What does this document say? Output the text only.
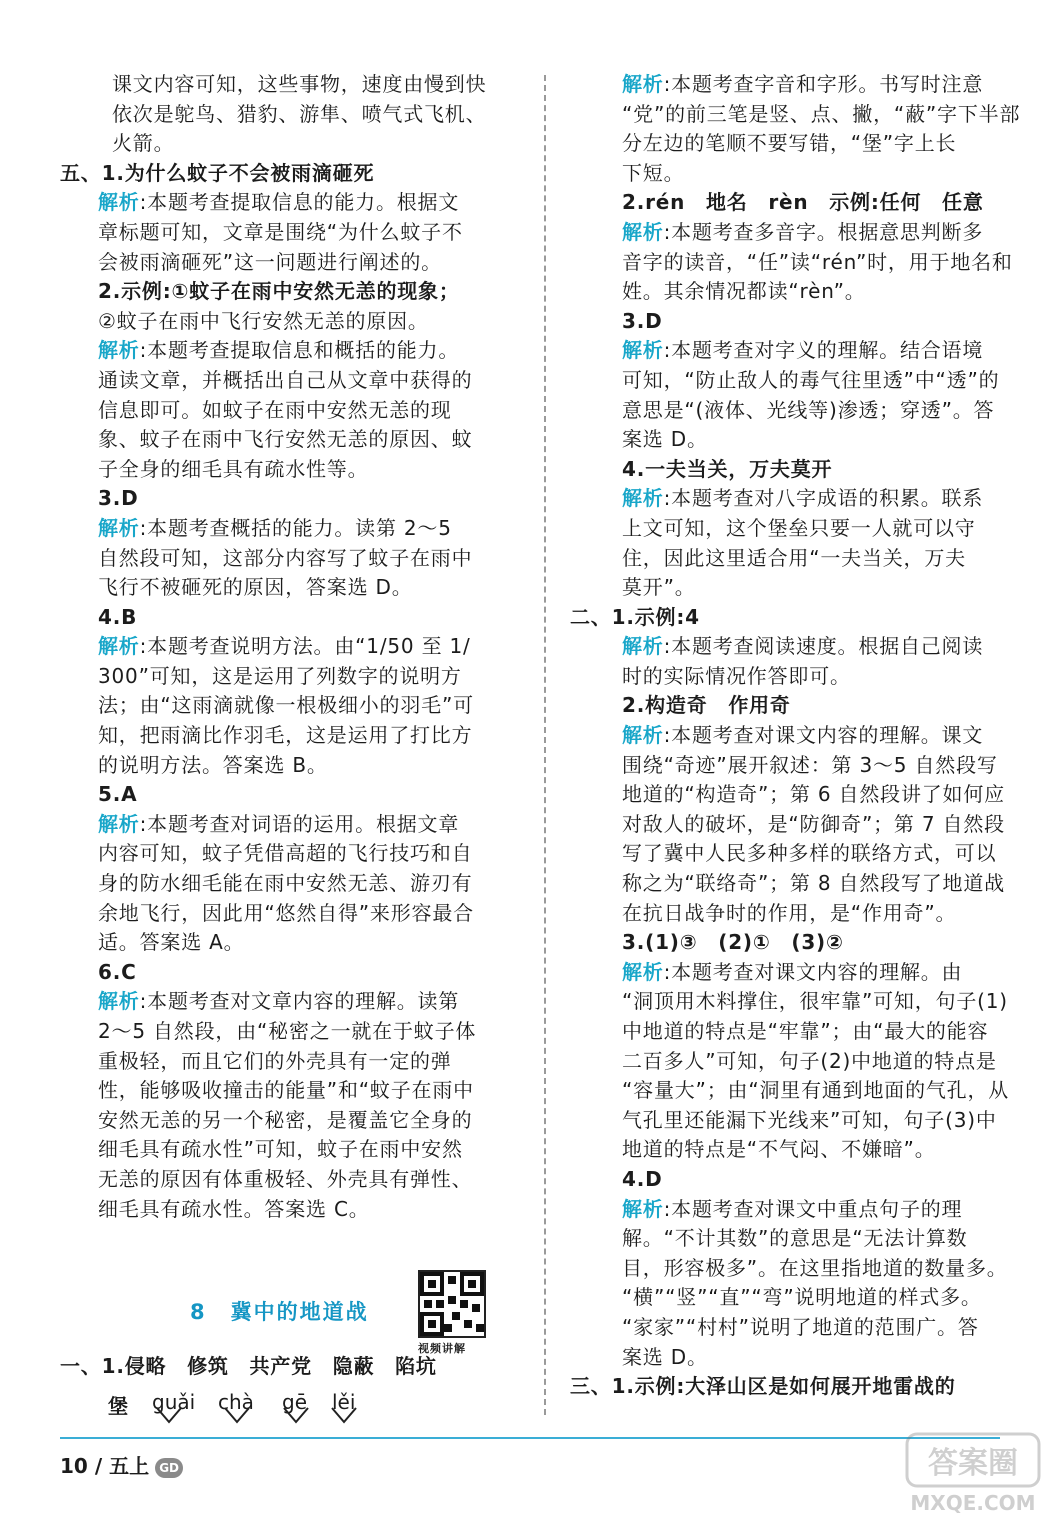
课文内容可知，这些事物，速度由慢到快
依次是鸵鸟、猎豹、游隼、喷气式飞机、
火箭。
五、1.为什么蚊子不会被雨滴砸死
解析:本题考查提取信息的能力。根据文
章标题可知，文章是围绕“为什么蚊子不
会被雨滴砸死”这一问题进行阐述的。
2.示例:①蚊子在雨中安然无恙的现象；
②蚊子在雨中飞行安然无恙的原因。
解析:本题考查提取信息和概括的能力。
通读文章，并概括出自己从文章中获得的
信息即可。如蚊子在雨中安然无恙的现
象、蚊子在雨中飞行安然无恙的原因、蚊
子全身的细毛具有疏水性等。
3.D
解析:本题考查概括的能力。读第 2～5
自然段可知，这部分内容写了蚊子在雨中
飞行不被砸死的原因，答案选 D。
4.B
解析:本题考查说明方法。由“1/50 至 1/
300”可知，这是运用了列数字的说明方
法；由“这雨滴就像一根极细小的羽毛”可
知，把雨滴比作羽毛，这是运用了打比方
的说明方法。答案选 B。
5.A
解析:本题考查对词语的运用。根据文章
内容可知，蚊子凭借高超的飞行技巧和自
身的防水细毛能在雨中安然无恙、游刃有
余地飞行，因此用“悠然自得”来形容最合
适。答案选 A。
6.C
解析:本题考查对文章内容的理解。读第
2～5 自然段，由“秘密之一就在于蚊子体
重极轻，而且它们的外壳具有一定的弹
性，能够吸收撞击的能量”和“蚊子在雨中
安然无恙的另一个秘密，是覆盖它全身的
细毛具有疏水性”可知，蚊子在雨中安然
无恙的原因有体重极轻、外壳具有弹性、
细毛具有疏水性。答案选 C。
解析:本题考查字音和字形。书写时注意
“党”的前三笔是竖、点、撇，“蔽”字下半部
分左边的笔顺不要写错，“堡”字上长
下短。
2.rén　地名　rèn　示例:任何　任意
解析:本题考查多音字。根据意思判断多
音字的读音，“任”读“rén”时，用于地名和
姓。其余情况都读“rèn”。
3.D
解析:本题考查对字义的理解。结合语境
可知，“防止敌人的毒气往里透”中“透”的
意思是“(液体、光线等)渗透；穿透”。答
案选 D。
4.一夫当关，万夫莫开
解析:本题考查对八字成语的积累。联系
上文可知，这个堡垒只要一人就可以守
住，因此这里适合用“一夫当关，万夫
莫开”。
二、1.示例:4
解析:本题考查阅读速度。根据自己阅读
时的实际情况作答即可。
2.构造奇　作用奇
解析:本题考查对课文内容的理解。课文
围绕“奇迹”展开叙述：第 3～5 自然段写
地道的“构造奇”；第 6 自然段讲了如何应
对敌人的破坏，是“防御奇”；第 7 自然段
写了冀中人民多种多样的联络方式，可以
称之为“联络奇”；第 8 自然段写了地道战
在抗日战争时的作用，是“作用奇”。
3.(1)③　(2)①　(3)②
解析:本题考查对课文内容的理解。由
“洞顶用木料撑住，很牢靠”可知，句子(1)
中地道的特点是“牢靠”；由“最大的能容
二百多人”可知，句子(2)中地道的特点是
“容量大”；由“洞里有通到地面的气孔，从
气孔里还能漏下光线来”可知，句子(3)中
地道的特点是“不气闷、不嫌暗”。
4.D
解析:本题考查对课文中重点句子的理
解。“不计其数”的意思是“无法计算数
目，形容极多”。在这里指地道的数量多。
“横”“竖”“直”“弯”说明地道的样式多。
“家家”“村村”说明了地道的范围广。答
案选 D。
三、1.示例:大泽山区是如何展开地雷战的
8 冀中的地道战
视频讲解
一、1.侵略　修筑　共产党　隐蔽　陷坑
堡 guǎi chà gē lěi
10 / 五上 GD	答案圈
MXQE.COM
